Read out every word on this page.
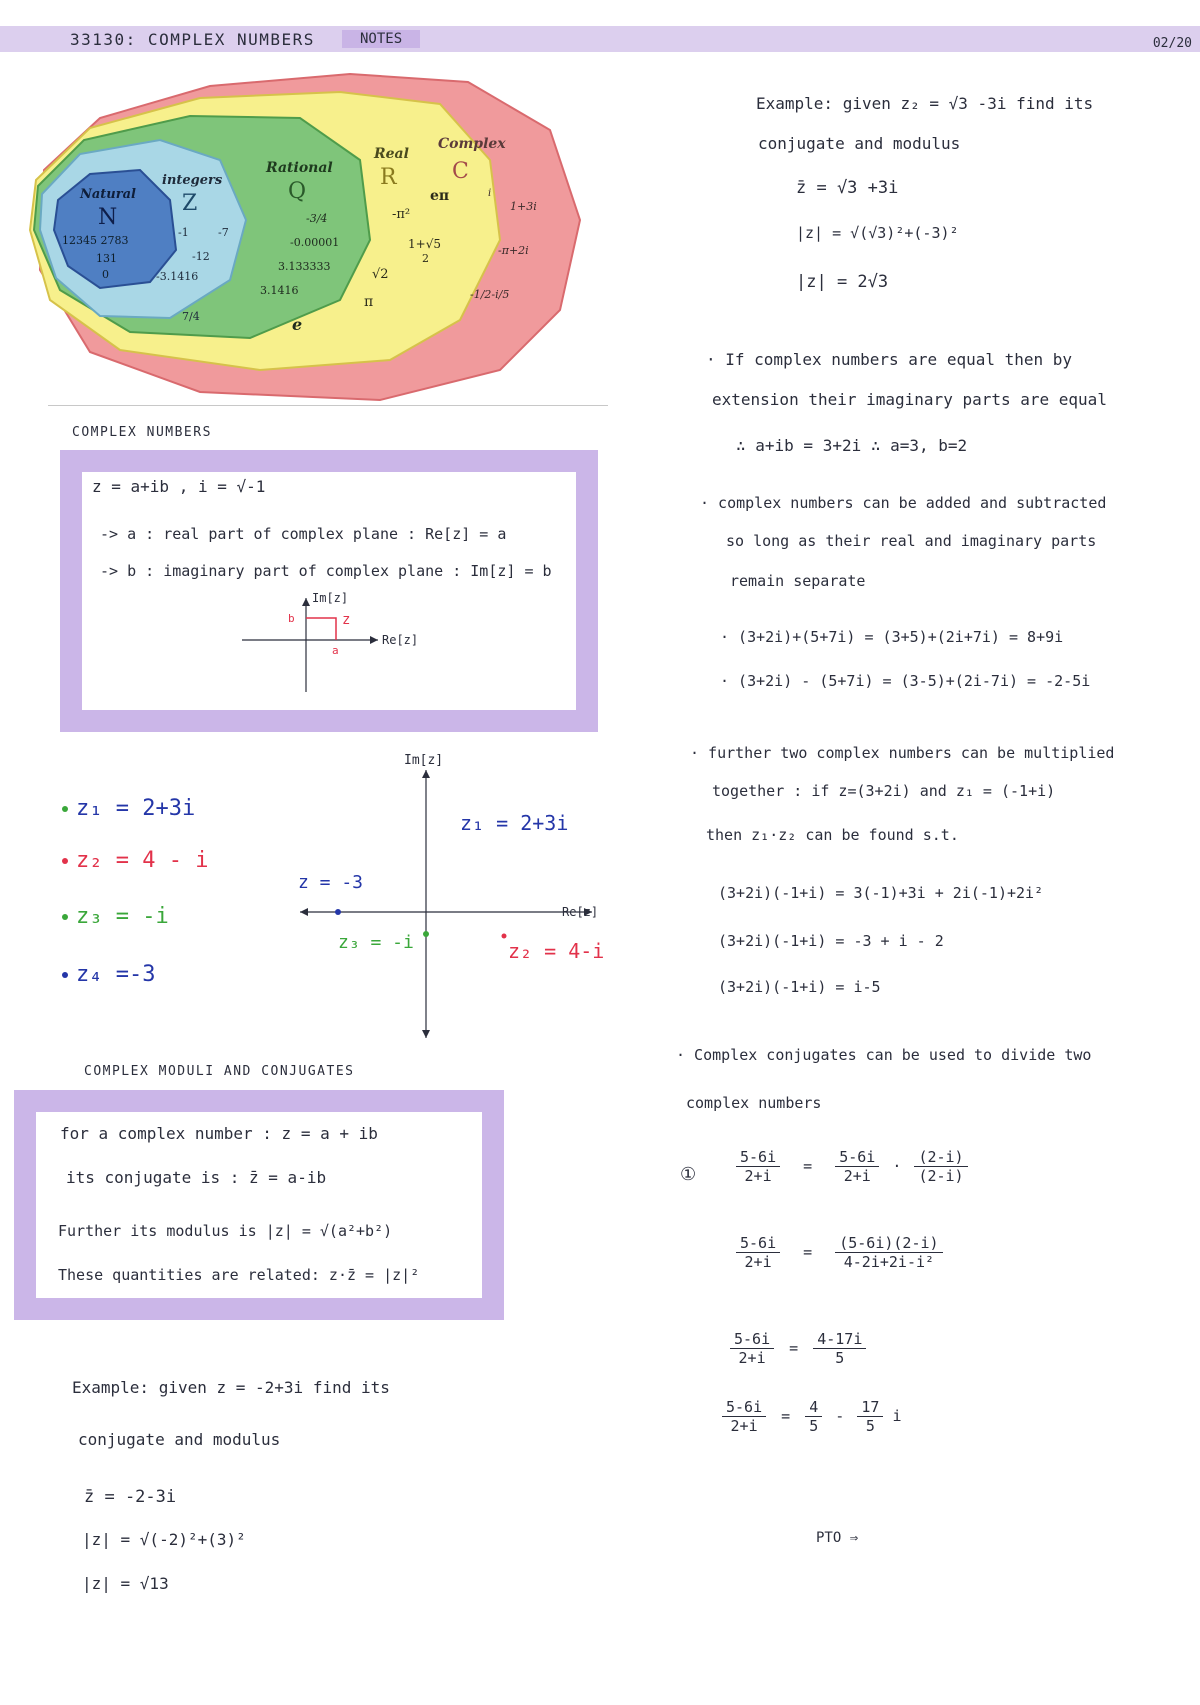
33130: COMPLEX NUMBERS	NOTES	02/20
Complex
C
1+3i
-π+2i
-1/2-i/5
i
Real
R
-π²
eπ
1+√5
2
√2
π
Rational
Q
-3/4
-0.00001
3.133333
3.1416
integers
Z
-1	-7
-12
-3.1416
7/4	e
Natural
N
12345 2783
131
0
COMPLEX NUMBERS
z = a+ib , i = √-1
-> a : real part of complex plane : Re[z] = a
-> b : imaginary part of complex plane : Im[z] = b
Im[z]
Re[z]
z
a
b
z₁ = 2+3i
z₂ = 4 - i
z₃ = -i
z₄ =-3
Im[z]
Re[z]
z₁ = 2+3i
z = -3
z₃ = -i	z₂ = 4-i
COMPLEX MODULI AND CONJUGATES
for a complex number : z = a + ib
its conjugate is : z̄ = a-ib
Further its modulus is |z| = √(a²+b²)
These quantities are related: z·z̄ = |z|²
Example: given z = -2+3i find its
conjugate and modulus
z̄ = -2-3i
|z| = √(-2)²+(3)²
|z| = √13
Example: given z₂ = √3 -3i find its
conjugate and modulus
z̄ = √3 +3i
|z| = √(√3)²+(-3)²
|z| = 2√3
· If complex numbers are equal then by
extension their imaginary parts are equal
∴ a+ib = 3+2i ∴ a=3, b=2
· complex numbers can be added and subtracted
so long as their real and imaginary parts
remain separate
· (3+2i)+(5+7i) = (3+5)+(2i+7i) = 8+9i
· (3+2i) - (5+7i) = (3-5)+(2i-7i) = -2-5i
· further two complex numbers can be multiplied
together : if z=(3+2i) and z₁ = (-1+i)
then z₁·z₂ can be found s.t.
(3+2i)(-1+i) = 3(-1)+3i + 2i(-1)+2i²
(3+2i)(-1+i) = -3 + i - 2
(3+2i)(-1+i) = i-5
· Complex conjugates can be used to divide two
complex numbers
①	$\frac{5-6i}{2+i} = \frac{5-6i}{2+i} \cdot \frac{(2-i)}{(2-i)}$
$\frac{5-6i}{2+i} = \frac{(5-6i)(2-i)}{\text{4-2i+2i-i²}}$
$\frac{5-6i}{2+i} = \frac{4-17i}{5}$
$\frac{5-6i}{2+i} = \frac{4}{5} - \frac{17}{5}$ i
PTO ⇒
